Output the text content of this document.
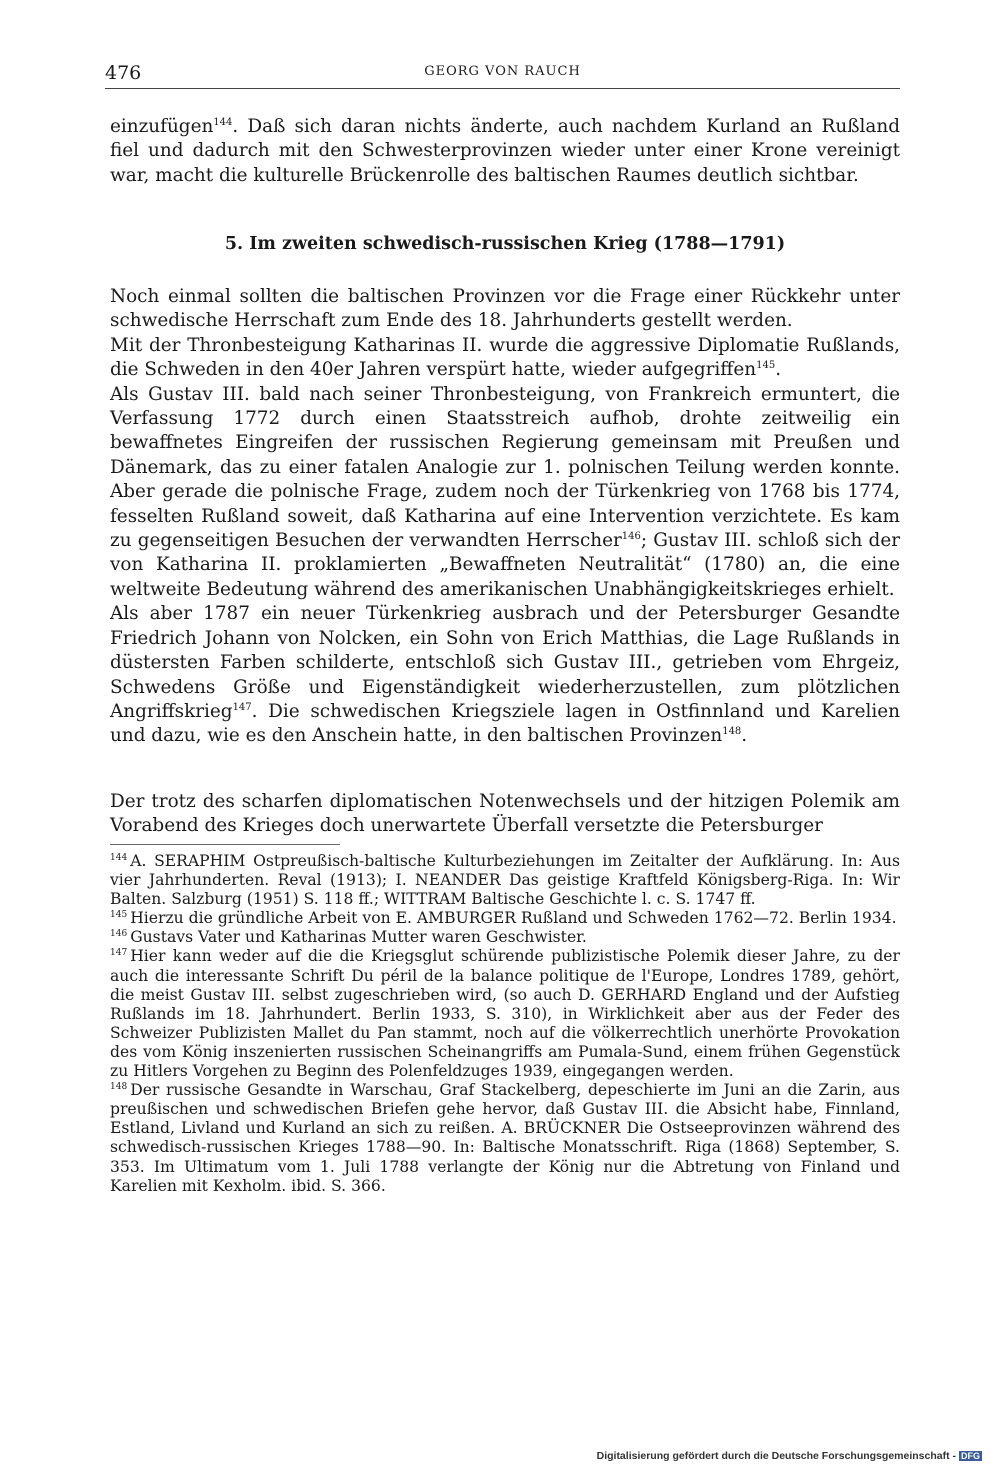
476	GEORG VON RAUCH

einzufügen$^{144}$. Daß sich daran nichts änderte, auch nachdem Kurland an Rußland fiel und dadurch mit den Schwesterprovinzen wieder unter einer Krone vereinigt war, macht die kulturelle Brückenrolle des baltischen Raumes deutlich sichtbar.

5. Im zweiten schwedisch-russischen Krieg (1788—1791)

Noch einmal sollten die baltischen Provinzen vor die Frage einer Rückkehr unter schwedische Herrschaft zum Ende des 18. Jahrhunderts gestellt werden.

Mit der Thronbesteigung Katharinas II. wurde die aggressive Diplomatie Rußlands, die Schweden in den 40er Jahren verspürt hatte, wieder aufgegriffen$^{145}$.

Als Gustav III. bald nach seiner Thronbesteigung, von Frankreich ermuntert, die Verfassung 1772 durch einen Staatsstreich aufhob, drohte zeitweilig ein bewaffnetes Eingreifen der russischen Regierung gemeinsam mit Preußen und Dänemark, das zu einer fatalen Analogie zur 1. polnischen Teilung werden konnte. Aber gerade die polnische Frage, zudem noch der Türkenkrieg von 1768 bis 1774, fesselten Rußland soweit, daß Katharina auf eine Intervention verzichtete. Es kam zu gegenseitigen Besuchen der verwandten Herrscher$^{146}$; Gustav III. schloß sich der von Katharina II. proklamierten „Bewaffneten Neutralität“ (1780) an, die eine weltweite Bedeutung während des amerikanischen Unabhängigkeitskrieges erhielt.

Als aber 1787 ein neuer Türkenkrieg ausbrach und der Petersburger Gesandte Friedrich Johann von Nolcken, ein Sohn von Erich Matthias, die Lage Rußlands in düstersten Farben schilderte, entschloß sich Gustav III., getrieben vom Ehrgeiz, Schwedens Größe und Eigenständigkeit wiederherzustellen, zum plötzlichen Angriffskrieg$^{147}$. Die schwedischen Kriegsziele lagen in Ostfinnland und Karelien und dazu, wie es den Anschein hatte, in den baltischen Provinzen$^{148}$.

Der trotz des scharfen diplomatischen Notenwechsels und der hitzigen Polemik am Vorabend des Krieges doch unerwartete Überfall versetzte die Petersburger

$^{144}$ A. SERAPHIM Ostpreußisch-baltische Kulturbeziehungen im Zeitalter der Aufklärung. In: Aus vier Jahrhunderten. Reval (1913); I. NEANDER Das geistige Kraftfeld Königsberg-Riga. In: Wir Balten. Salzburg (1951) S. 118 ff.; WITTRAM Baltische Geschichte l. c. S. 1747 ff.

$^{145}$ Hierzu die gründliche Arbeit von E. AMBURGER Rußland und Schweden 1762—72. Berlin 1934.

$^{146}$ Gustavs Vater und Katharinas Mutter waren Geschwister.

$^{147}$ Hier kann weder auf die die Kriegsglut schürende publizistische Polemik dieser Jahre, zu der auch die interessante Schrift Du péril de la balance politique de l'Europe, Londres 1789, gehört, die meist Gustav III. selbst zugeschrieben wird, (so auch D. GERHARD England und der Aufstieg Rußlands im 18. Jahrhundert. Berlin 1933, S. 310), in Wirklichkeit aber aus der Feder des Schweizer Publizisten Mallet du Pan stammt, noch auf die völkerrechtlich unerhörte Provokation des vom König inszenierten russischen Scheinangriffs am Pumala-Sund, einem frühen Gegenstück zu Hitlers Vorgehen zu Beginn des Polenfeldzuges 1939, eingegangen werden.

$^{148}$ Der russische Gesandte in Warschau, Graf Stackelberg, depeschierte im Juni an die Zarin, aus preußischen und schwedischen Briefen gehe hervor, daß Gustav III. die Absicht habe, Finnland, Estland, Livland und Kurland an sich zu reißen. A. BRÜCKNER Die Ostseeprovinzen während des schwedisch-russischen Krieges 1788—90. In: Baltische Monatsschrift. Riga (1868) September, S. 353. Im Ultimatum vom 1. Juli 1788 verlangte der König nur die Abtretung von Finland und Karelien mit Kexholm. ibid. S. 366.

Digitalisierung gefördert durch die Deutsche Forschungsgemeinschaft - DFG
